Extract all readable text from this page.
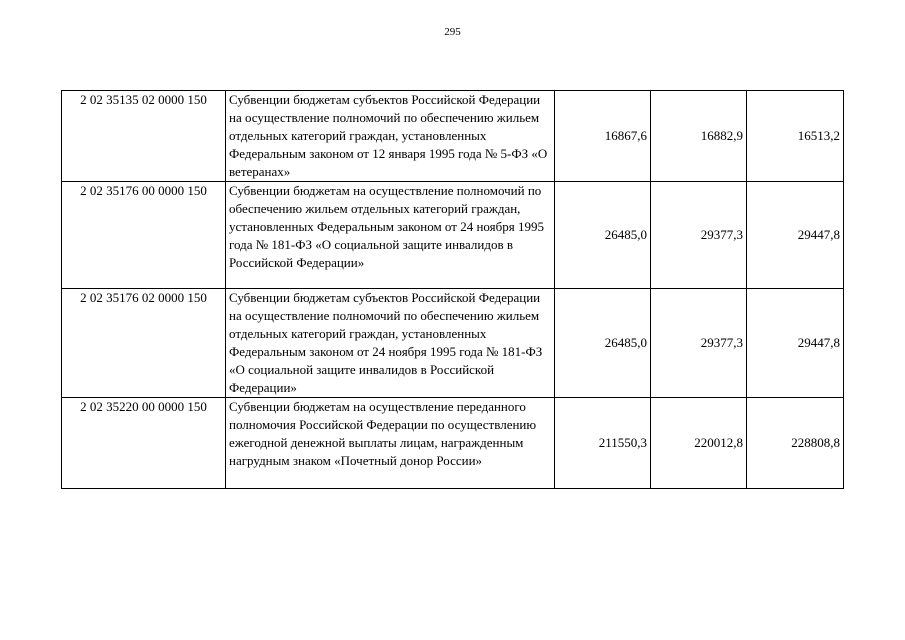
295
2 02 35135 02 0000 150	Субвенции бюджетам субъектов Российской Федерации на осуществление полномочий по обеспечению жильем отдельных категорий граждан, установленных Федеральным законом от 12 января 1995 года № 5-ФЗ «О ветеранах»	16867,6	16882,9	16513,2
2 02 35176 00 0000 150	Субвенции бюджетам на осуществление полномочий по обеспечению жильем отдельных категорий граждан, установленных Федеральным законом от 24 ноября 1995 года № 181-ФЗ «О социальной защите инвалидов в Российской Федерации»	26485,0	29377,3	29447,8
2 02 35176 02 0000 150	Субвенции бюджетам субъектов Российской Федерации на осуществление полномочий по обеспечению жильем отдельных категорий граждан, установленных Федеральным законом от 24 ноября 1995 года № 181-ФЗ «О социальной защите инвалидов в Российской Федерации»	26485,0	29377,3	29447,8
2 02 35220 00 0000 150	Субвенции бюджетам на осуществление переданного полномочия Российской Федерации по осуществлению ежегодной денежной выплаты лицам, награжденным нагрудным знаком «Почетный донор России»	211550,3	220012,8	228808,8
